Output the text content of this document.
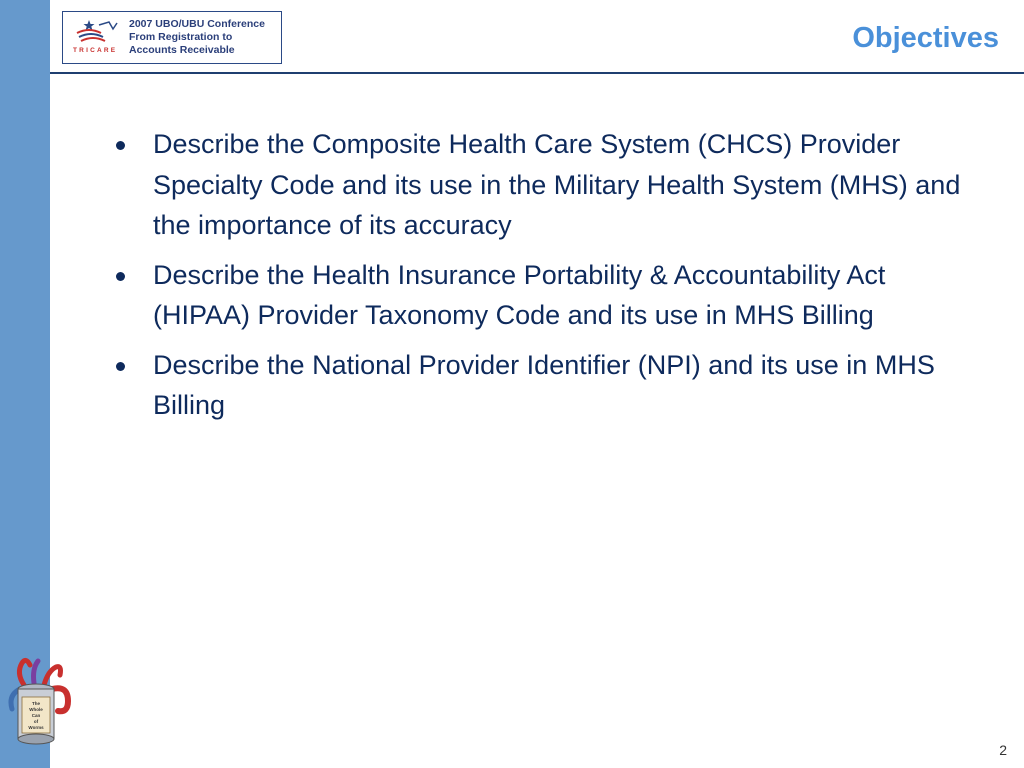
TRICARE
2007 UBO/UBU Conference
From Registration to
Accounts Receivable	Objectives
Describe the Composite Health Care System (CHCS) Provider Specialty Code and its use in the Military Health System (MHS) and the importance of its accuracy
Describe the Health Insurance Portability & Accountability Act (HIPAA) Provider Taxonomy Code and its use in MHS Billing
Describe the National Provider Identifier (NPI) and its use in MHS Billing
The
Whole
Can
of
Worms
2
